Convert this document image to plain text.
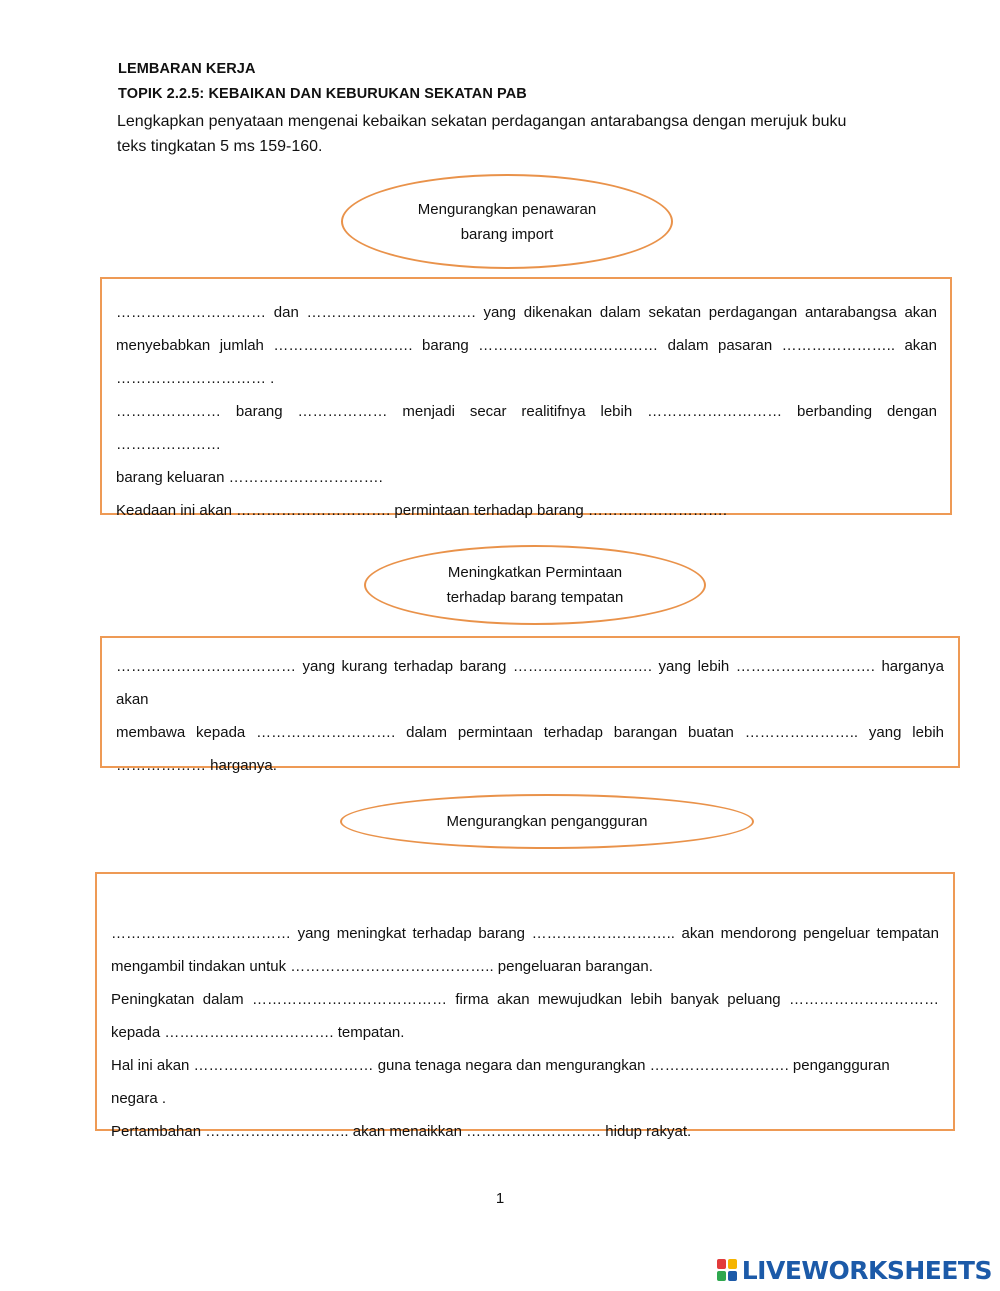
LEMBARAN KERJA
TOPIK 2.2.5: KEBAIKAN DAN KEBURUKAN SEKATAN PAB
Lengkapkan penyataan mengenai kebaikan sekatan perdagangan antarabangsa dengan merujuk buku
teks tingkatan 5 ms 159-160.
Mengurangkan penawaran
barang import

………………………… dan ……………………………. yang dikenakan dalam sekatan perdagangan antarabangsa akan

menyebabkan jumlah ………………………. barang ……………………………… dalam pasaran ………………….. akan

………………………… .

………………… barang ……………… menjadi secar realitifnya lebih ……………………… berbanding dengan …………………

barang keluaran ………………………….

Keadaan ini akan …………………………. permintaan terhadap barang ……………………….

Meningkatkan Permintaan
terhadap barang tempatan

……………………………… yang kurang terhadap barang ………………………. yang lebih ………………………. harganya akan

membawa kepada ………………………. dalam permintaan terhadap barangan buatan ………………….. yang lebih

……………… harganya.

Mengurangkan pengangguran

……………………………… yang meningkat terhadap barang ……………………….. akan mendorong pengeluar tempatan

mengambil tindakan untuk ………………………………….. pengeluaran barangan.

Peningkatan dalam ………………………………… firma akan mewujudkan lebih banyak peluang …………………………

kepada ……………………………. tempatan.

Hal ini akan ……………………………… guna tenaga negara dan mengurangkan ………………………. pengangguran negara .

Pertambahan ……………………….. akan menaikkan ……………………… hidup rakyat.

1
LIVEWORKSHEETS
